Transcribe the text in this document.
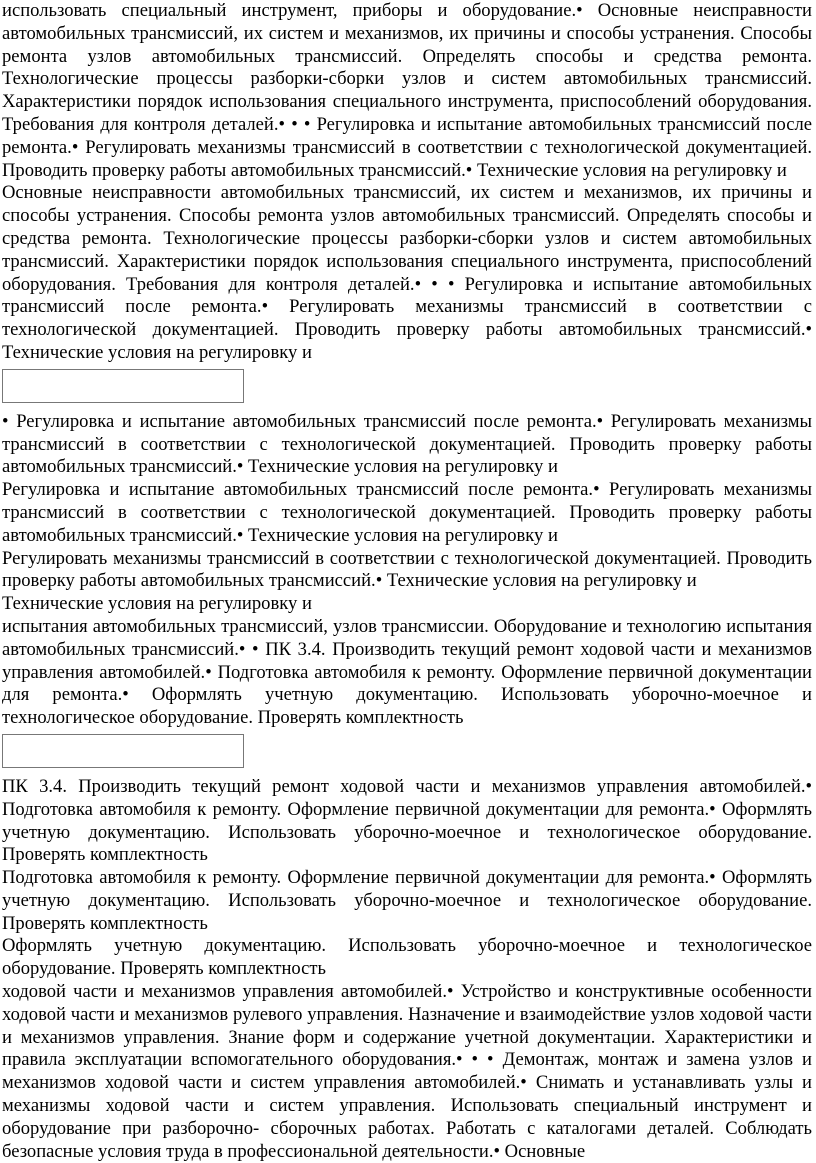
использовать специальный инструмент, приборы и оборудование.• Основные неисправности автомобильных трансмиссий, их систем и механизмов, их причины и способы устранения. Способы ремонта узлов автомобильных трансмиссий. Определять способы и средства ремонта. Технологические процессы разборки-сборки узлов и систем автомобильных трансмиссий. Характеристики порядок использования специального инструмента, приспособлений оборудования. Требования для контроля деталей.• • • Регулировка и испытание автомобильных трансмиссий после ремонта.• Регулировать механизмы трансмиссий в соответствии с технологической документацией. Проводить проверку работы автомобильных трансмиссий.• Технические условия на регулировку и

Основные неисправности автомобильных трансмиссий, их систем и механизмов, их причины и способы устранения. Способы ремонта узлов автомобильных трансмиссий. Определять способы и средства ремонта. Технологические процессы разборки-сборки узлов и систем автомобильных трансмиссий. Характеристики порядок использования специального инструмента, приспособлений оборудования. Требования для контроля деталей.• • • Регулировка и испытание автомобильных трансмиссий после ремонта.• Регулировать механизмы трансмиссий в соответствии с технологической документацией. Проводить проверку работы автомобильных трансмиссий.• Технические условия на регулировку и

• Регулировка и испытание автомобильных трансмиссий после ремонта.• Регулировать механизмы трансмиссий в соответствии с технологической документацией. Проводить проверку работы автомобильных трансмиссий.• Технические условия на регулировку и

Регулировка и испытание автомобильных трансмиссий после ремонта.• Регулировать механизмы трансмиссий в соответствии с технологической документацией. Проводить проверку работы автомобильных трансмиссий.• Технические условия на регулировку и

Регулировать механизмы трансмиссий в соответствии с технологической документацией. Проводить проверку работы автомобильных трансмиссий.• Технические условия на регулировку и

Технические условия на регулировку и

испытания автомобильных трансмиссий, узлов трансмиссии. Оборудование и технологию испытания автомобильных трансмиссий.• • ПК 3.4. Производить текущий ремонт ходовой части и механизмов управления автомобилей.• Подготовка автомобиля к ремонту. Оформление первичной документации для ремонта.• Оформлять учетную документацию. Использовать уборочно-моечное и технологическое оборудование. Проверять комплектность

ПК 3.4. Производить текущий ремонт ходовой части и механизмов управления автомобилей.• Подготовка автомобиля к ремонту. Оформление первичной документации для ремонта.• Оформлять учетную документацию. Использовать уборочно-моечное и технологическое оборудование. Проверять комплектность

Подготовка автомобиля к ремонту. Оформление первичной документации для ремонта.• Оформлять учетную документацию. Использовать уборочно-моечное и технологическое оборудование. Проверять комплектность

Оформлять учетную документацию. Использовать уборочно-моечное и технологическое оборудование. Проверять комплектность

ходовой части и механизмов управления автомобилей.• Устройство и конструктивные особенности ходовой части и механизмов рулевого управления. Назначение и взаимодействие узлов ходовой части и механизмов управления. Знание форм и содержание учетной документации. Характеристики и правила эксплуатации вспомогательного оборудования.• • • Демонтаж, монтаж и замена узлов и механизмов ходовой части и систем управления автомобилей.• Снимать и устанавливать узлы и механизмы ходовой части и систем управления. Использовать специальный инструмент и оборудование при разборочно- сборочных работах. Работать с каталогами деталей. Соблюдать безопасные условия труда в профессиональной деятельности.• Основные
